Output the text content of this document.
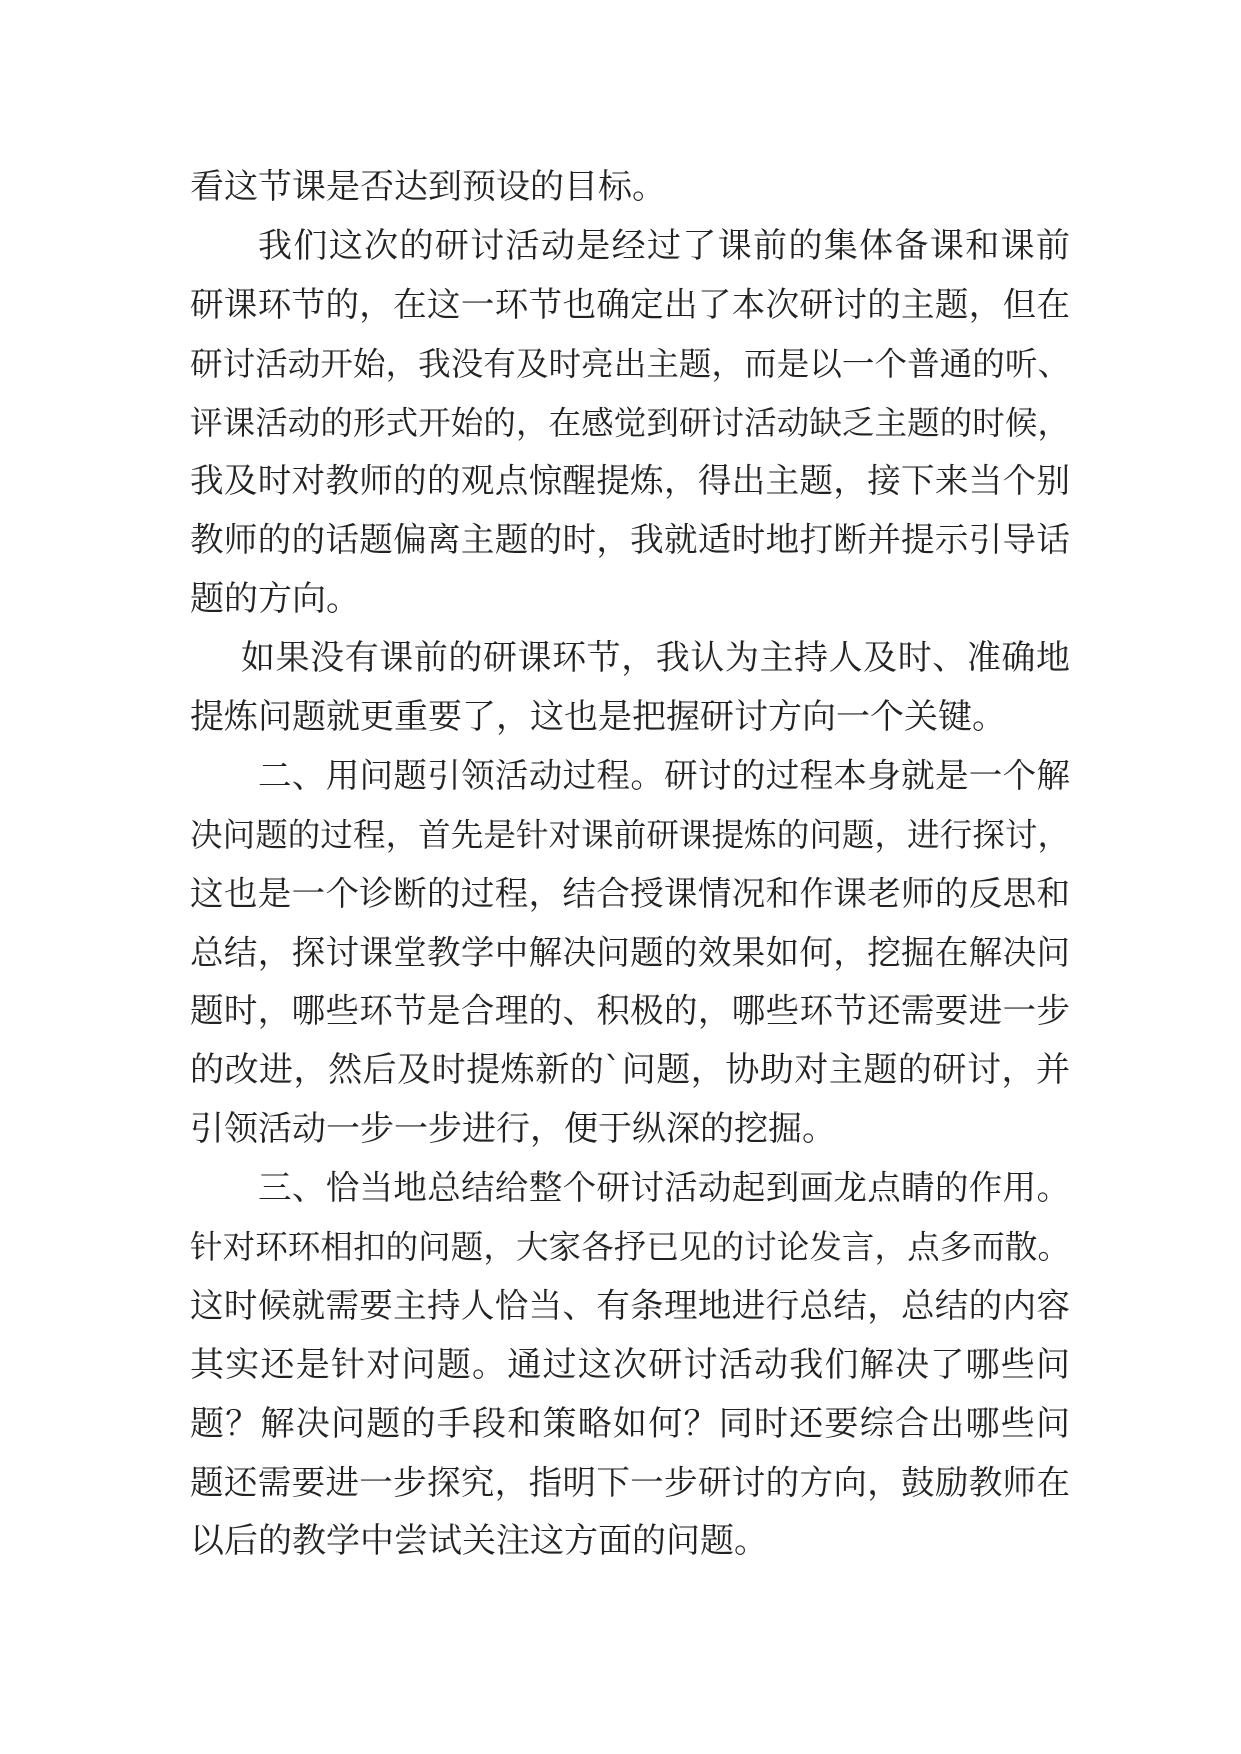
看这节课是否达到预设的目标。
我们这次的研讨活动是经过了课前的集体备课和课前
研课环节的，在这一环节也确定出了本次研讨的主题，但在
研讨活动开始，我没有及时亮出主题，而是以一个普通的听、
评课活动的形式开始的，在感觉到研讨活动缺乏主题的时候，
我及时对教师的的观点惊醒提炼，得出主题，接下来当个别
教师的的话题偏离主题的时，我就适时地打断并提示引导话
题的方向。
如果没有课前的研课环节，我认为主持人及时、准确地
提炼问题就更重要了，这也是把握研讨方向一个关键。
二、用问题引领活动过程。研讨的过程本身就是一个解
决问题的过程，首先是针对课前研课提炼的问题，进行探讨，
这也是一个诊断的过程，结合授课情况和作课老师的反思和
总结，探讨课堂教学中解决问题的效果如何，挖掘在解决问
题时，哪些环节是合理的、积极的，哪些环节还需要进一步
的改进，然后及时提炼新的`问题，协助对主题的研讨，并
引领活动一步一步进行，便于纵深的挖掘。
三、恰当地总结给整个研讨活动起到画龙点睛的作用。
针对环环相扣的问题，大家各抒已见的讨论发言，点多而散。
这时候就需要主持人恰当、有条理地进行总结，总结的内容
其实还是针对问题。通过这次研讨活动我们解决了哪些问
题？解决问题的手段和策略如何？同时还要综合出哪些问
题还需要进一步探究，指明下一步研讨的方向，鼓励教师在
以后的教学中尝试关注这方面的问题。
